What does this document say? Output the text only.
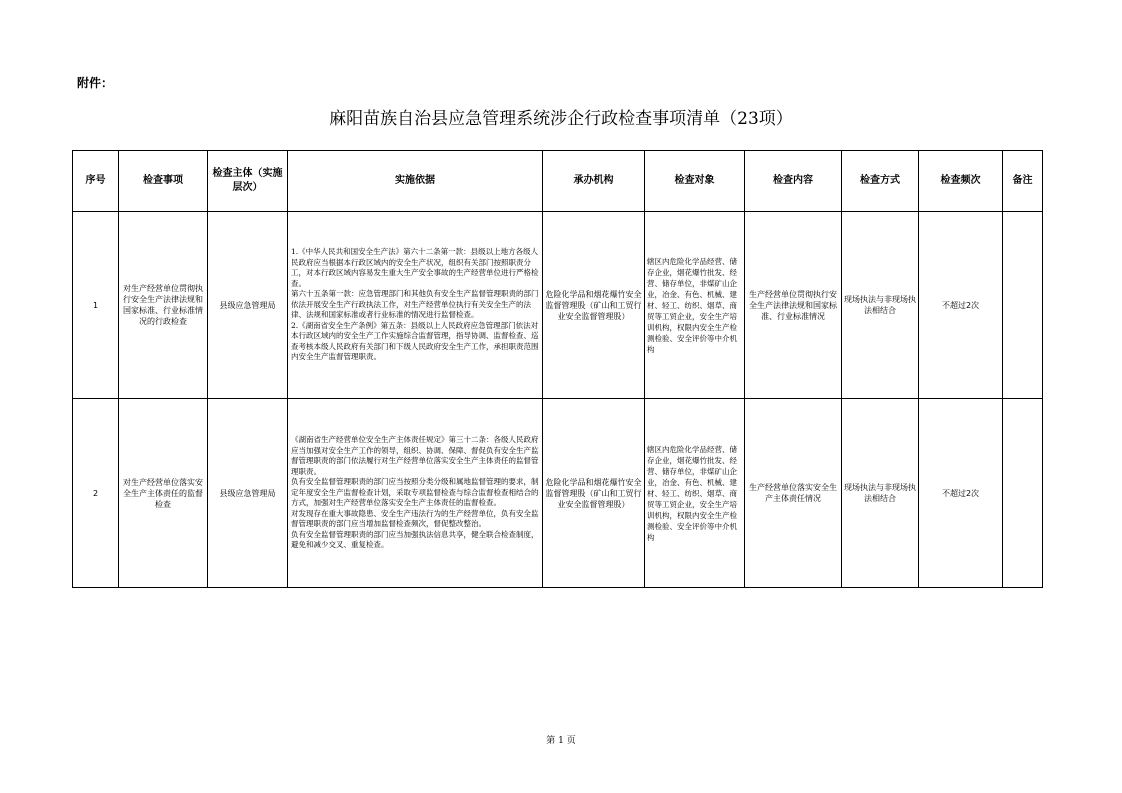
附件：
麻阳苗族自治县应急管理系统涉企行政检查事项清单（23项）
序号	检查事项	检查主体（实施层次）	实施依据	承办机构	检查对象	检查内容	检查方式	检查频次	备注
1	对生产经营单位贯彻执行安全生产法律法规和国家标准、行业标准情况的行政检查	县级应急管理局	1.《中华人民共和国安全生产法》第六十二条第一款：县级以上地方各级人民政府应当根据本行政区域内的安全生产状况，组织有关部门按照职责分工，对本行政区域内容易发生重大生产安全事故的生产经营单位进行严格检查。
第六十五条第一款：应急管理部门和其他负有安全生产监督管理职责的部门依法开展安全生产行政执法工作，对生产经营单位执行有关安全生产的法律、法规和国家标准或者行业标准的情况进行监督检查。
2.《湖南省安全生产条例》第五条：县级以上人民政府应急管理部门依法对本行政区域内的安全生产工作实施综合监督管理，指导协调、监督检查、巡查考核本级人民政府有关部门和下级人民政府安全生产工作，承担职责范围内安全生产监督管理职责。	危险化学品和烟花爆竹安全监督管理股（矿山和工贸行业安全监督管理股）	辖区内危险化学品经营、储存企业，烟花爆竹批发、经营、储存单位，非煤矿山企业，冶金、有色、机械、建材、轻工、纺织、烟草、商贸等工贸企业，安全生产培训机构，权限内安全生产检测检验、安全评价等中介机构	生产经营单位贯彻执行安全生产法律法规和国家标准、行业标准情况	现场执法与非现场执法相结合	不超过2次	
2	对生产经营单位落实安全生产主体责任的监督检查	县级应急管理局	《湖南省生产经营单位安全生产主体责任规定》第三十二条：各级人民政府应当加强对安全生产工作的领导，组织、协调、保障、督促负有安全生产监督管理职责的部门依法履行对生产经营单位落实安全生产主体责任的监督管理职责。
负有安全监督管理职责的部门应当按照分类分级和属地监督管理的要求，制定年度安全生产监督检查计划，采取专项监督检查与综合监督检查相结合的方式，加强对生产经营单位落实安全生产主体责任的监督检查。
对发现存在重大事故隐患、安全生产违法行为的生产经营单位，负有安全监督管理职责的部门应当增加监督检查频次，督促整改整治。
负有安全监督管理职责的部门应当加强执法信息共享，健全联合检查制度，避免和减少交叉、重复检查。	危险化学品和烟花爆竹安全监督管理股（矿山和工贸行业安全监督管理股）	辖区内危险化学品经营、储存企业，烟花爆竹批发、经营、储存单位，非煤矿山企业，冶金、有色、机械、建材、轻工、纺织、烟草、商贸等工贸企业，安全生产培训机构，权限内安全生产检测检验、安全评价等中介机构	生产经营单位落实安全生产主体责任情况	现场执法与非现场执法相结合	不超过2次	
第 1 页
